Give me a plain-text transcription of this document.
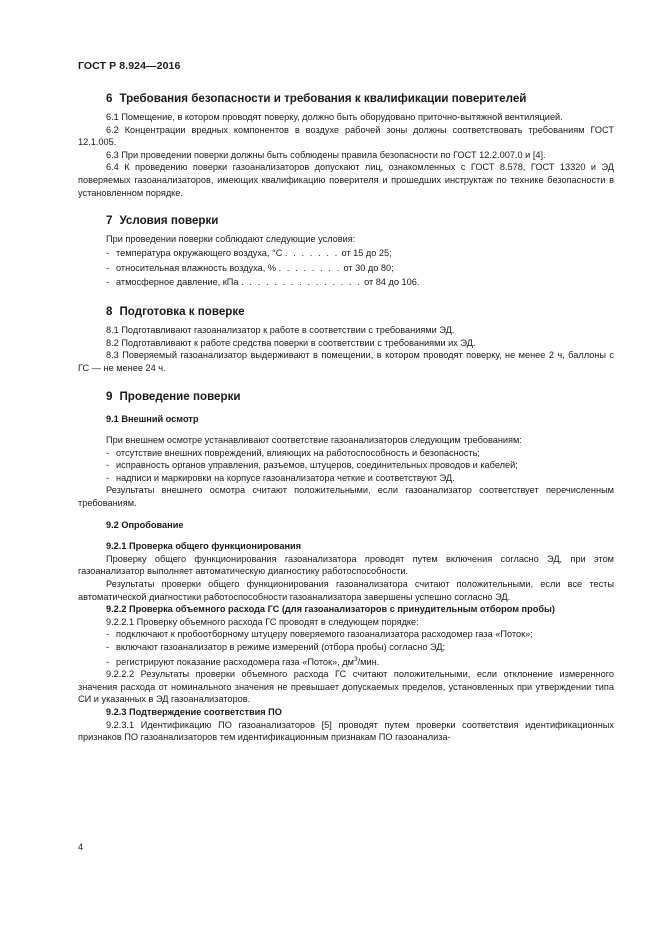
ГОСТ Р 8.924—2016
6 Требования безопасности и требования к квалификации поверителей

6.1 Помещение, в котором проводят поверку, должно быть оборудовано приточно-вытяжной вентиляцией.

6.2 Концентрации вредных компонентов в воздухе рабочей зоны должны соответствовать требованиям ГОСТ 12.1.005.

6.3 При проведении поверки должны быть соблюдены правила безопасности по ГОСТ 12.2.007.0 и [4].

6.4 К проведению поверки газоанализаторов допускают лиц, ознакомленных с ГОСТ 8.578, ГОСТ 13320 и ЭД поверяемых газоанализаторов, имеющих квалификацию поверителя и прошедших инструктаж по технике безопасности в установленном порядке.

7 Условия поверки

При проведении поверки соблюдают следующие условия:

- температура окружающего воздуха, °С . . . . . . . от 15 до 25;
- относительная влажность воздуха, % . . . . . . . . от 30 до 80;
- атмосферное давление, кПа . . . . . . . . . . . . . . . от 84 до 106.
8 Подготовка к поверке

8.1 Подготавливают газоанализатор к работе в соответствии с требованиями ЭД.

8.2 Подготавливают к работе средства поверки в соответствии с требованиями их ЭД.

8.3 Поверяемый газоанализатор выдерживают в помещении, в котором проводят поверку, не менее 2 ч, баллоны с ГС — не менее 24 ч.

9 Проведение поверки
9.1 Внешний осмотр

При внешнем осмотре устанавливают соответствие газоанализаторов следующим требованиям:

- отсутствие внешних повреждений, влияющих на работоспособность и безопасность;
- исправность органов управления, разъемов, штуцеров, соединительных проводов и кабелей;
- надписи и маркировки на корпусе газоанализатора четкие и соответствуют ЭД.

Результаты внешнего осмотра считают положительными, если газоанализатор соответствует перечисленным требованиям.

9.2 Опробование
9.2.1 Проверка общего функционирования

Проверку общего функционирования газоанализатора проводят путем включения согласно ЭД, при этом газоанализатор выполняет автоматическую диагностику работоспособности.

Результаты проверки общего функционирования газоанализатора считают положительными, если все тесты автоматической диагностики работоспособности газоанализатора завершены успешно согласно ЭД.

9.2.2 Проверка объемного расхода ГС (для газоанализаторов с принудительным отбором пробы)

9.2.2.1 Проверку объемного расхода ГС проводят в следующем порядке:

- подключают к пробоотборному штуцеру поверяемого газоанализатора расходомер газа «Поток»;
- включают газоанализатор в режиме измерений (отбора пробы) согласно ЭД;
- регистрируют показание расходомера газа «Поток», $дм^3$/мин.

9.2.2.2 Результаты проверки объемного расхода ГС считают положительными, если отклонение измеренного значения расхода от номинального значения не превышает допускаемых пределов, установленных при утверждении типа СИ и указанных в ЭД газоанализаторов.

9.2.3 Подтверждение соответствия ПО

9.2.3.1 Идентификацию ПО газоанализаторов [5] проводят путем проверки соответствия идентификационных признаков ПО газоанализаторов тем идентификационным признакам ПО газоанализа-

4
